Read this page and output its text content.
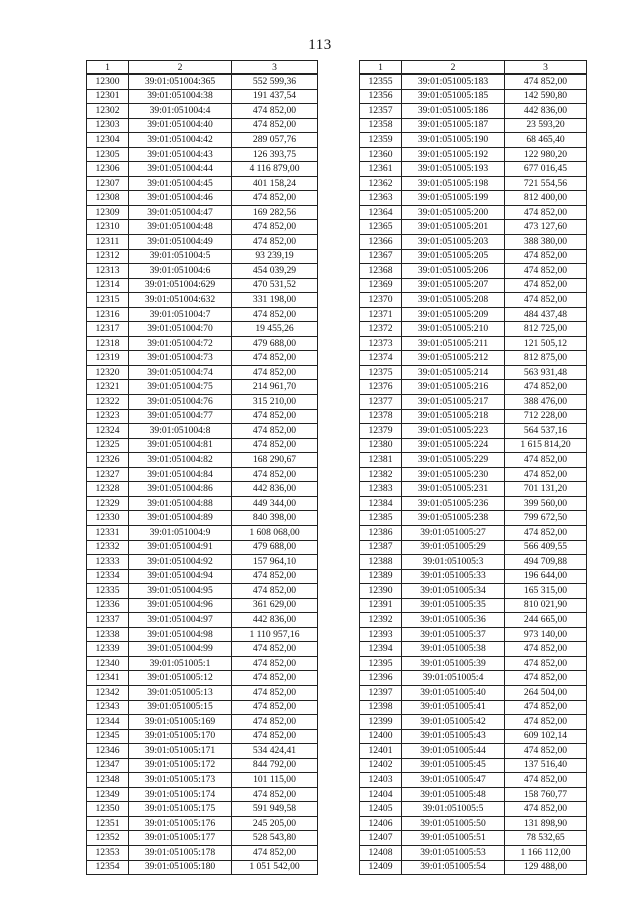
113
1	2	3
12300	39:01:051004:365	552 599,36
12301	39:01:051004:38	191 437,54
12302	39:01:051004:4	474 852,00
12303	39:01:051004:40	474 852,00
12304	39:01:051004:42	289 057,76
12305	39:01:051004:43	126 393,75
12306	39:01:051004:44	4 116 879,00
12307	39:01:051004:45	401 158,24
12308	39:01:051004:46	474 852,00
12309	39:01:051004:47	169 282,56
12310	39:01:051004:48	474 852,00
12311	39:01:051004:49	474 852,00
12312	39:01:051004:5	93 239,19
12313	39:01:051004:6	454 039,29
12314	39:01:051004:629	470 531,52
12315	39:01:051004:632	331 198,00
12316	39:01:051004:7	474 852,00
12317	39:01:051004:70	19 455,26
12318	39:01:051004:72	479 688,00
12319	39:01:051004:73	474 852,00
12320	39:01:051004:74	474 852,00
12321	39:01:051004:75	214 961,70
12322	39:01:051004:76	315 210,00
12323	39:01:051004:77	474 852,00
12324	39:01:051004:8	474 852,00
12325	39:01:051004:81	474 852,00
12326	39:01:051004:82	168 290,67
12327	39:01:051004:84	474 852,00
12328	39:01:051004:86	442 836,00
12329	39:01:051004:88	449 344,00
12330	39:01:051004:89	840 398,00
12331	39:01:051004:9	1 608 068,00
12332	39:01:051004:91	479 688,00
12333	39:01:051004:92	157 964,10
12334	39:01:051004:94	474 852,00
12335	39:01:051004:95	474 852,00
12336	39:01:051004:96	361 629,00
12337	39:01:051004:97	442 836,00
12338	39:01:051004:98	1 110 957,16
12339	39:01:051004:99	474 852,00
12340	39:01:051005:1	474 852,00
12341	39:01:051005:12	474 852,00
12342	39:01:051005:13	474 852,00
12343	39:01:051005:15	474 852,00
12344	39:01:051005:169	474 852,00
12345	39:01:051005:170	474 852,00
12346	39:01:051005:171	534 424,41
12347	39:01:051005:172	844 792,00
12348	39:01:051005:173	101 115,00
12349	39:01:051005:174	474 852,00
12350	39:01:051005:175	591 949,58
12351	39:01:051005:176	245 205,00
12352	39:01:051005:177	528 543,80
12353	39:01:051005:178	474 852,00
12354	39:01:051005:180	1 051 542,00
1	2	3
12355	39:01:051005:183	474 852,00
12356	39:01:051005:185	142 590,80
12357	39:01:051005:186	442 836,00
12358	39:01:051005:187	23 593,20
12359	39:01:051005:190	68 465,40
12360	39:01:051005:192	122 980,20
12361	39:01:051005:193	677 016,45
12362	39:01:051005:198	721 554,56
12363	39:01:051005:199	812 400,00
12364	39:01:051005:200	474 852,00
12365	39:01:051005:201	473 127,60
12366	39:01:051005:203	388 380,00
12367	39:01:051005:205	474 852,00
12368	39:01:051005:206	474 852,00
12369	39:01:051005:207	474 852,00
12370	39:01:051005:208	474 852,00
12371	39:01:051005:209	484 437,48
12372	39:01:051005:210	812 725,00
12373	39:01:051005:211	121 505,12
12374	39:01:051005:212	812 875,00
12375	39:01:051005:214	563 931,48
12376	39:01:051005:216	474 852,00
12377	39:01:051005:217	388 476,00
12378	39:01:051005:218	712 228,00
12379	39:01:051005:223	564 537,16
12380	39:01:051005:224	1 615 814,20
12381	39:01:051005:229	474 852,00
12382	39:01:051005:230	474 852,00
12383	39:01:051005:231	701 131,20
12384	39:01:051005:236	399 560,00
12385	39:01:051005:238	799 672,50
12386	39:01:051005:27	474 852,00
12387	39:01:051005:29	566 409,55
12388	39:01:051005:3	494 709,88
12389	39:01:051005:33	196 644,00
12390	39:01:051005:34	165 315,00
12391	39:01:051005:35	810 021,90
12392	39:01:051005:36	244 665,00
12393	39:01:051005:37	973 140,00
12394	39:01:051005:38	474 852,00
12395	39:01:051005:39	474 852,00
12396	39:01:051005:4	474 852,00
12397	39:01:051005:40	264 504,00
12398	39:01:051005:41	474 852,00
12399	39:01:051005:42	474 852,00
12400	39:01:051005:43	609 102,14
12401	39:01:051005:44	474 852,00
12402	39:01:051005:45	137 516,40
12403	39:01:051005:47	474 852,00
12404	39:01:051005:48	158 760,77
12405	39:01:051005:5	474 852,00
12406	39:01:051005:50	131 898,90
12407	39:01:051005:51	78 532,65
12408	39:01:051005:53	1 166 112,00
12409	39:01:051005:54	129 488,00
